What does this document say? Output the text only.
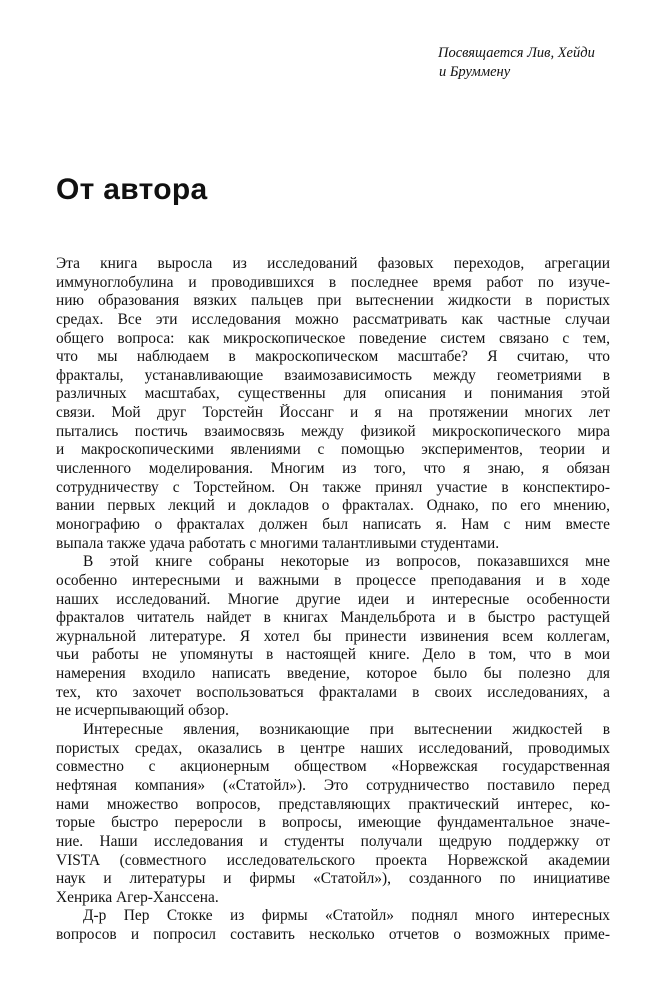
Посвящается Лив, Хейди
и Бруммену
От автора
Эта книга выросла из исследований фазовых переходов, агрегации
иммуноглобулина и проводившихся в последнее время работ по изуче-
нию образования вязких пальцев при вытеснении жидкости в пористых
средах. Все эти исследования можно рассматривать как частные случаи
общего вопроса: как микроскопическое поведение систем связано с тем,
что мы наблюдаем в макроскопическом масштабе? Я считаю, что
фракталы, устанавливающие взаимозависимость между геометриями в
различных масштабах, существенны для описания и понимания этой
связи. Мой друг Торстейн Йоссанг и я на протяжении многих лет
пытались постичь взаимосвязь между физикой микроскопического мира
и макроскопическими явлениями с помощью экспериментов, теории и
численного моделирования. Многим из того, что я знаю, я обязан
сотрудничеству с Торстейном. Он также принял участие в конспектиро-
вании первых лекций и докладов о фракталах. Однако, по его мнению,
монографию о фракталах должен был написать я. Нам с ним вместе
выпала также удача работать с многими талантливыми студентами.
В этой книге собраны некоторые из вопросов, показавшихся мне
особенно интересными и важными в процессе преподавания и в ходе
наших исследований. Многие другие идеи и интересные особенности
фракталов читатель найдет в книгах Мандельброта и в быстро растущей
журнальной литературе. Я хотел бы принести извинения всем коллегам,
чьи работы не упомянуты в настоящей книге. Дело в том, что в мои
намерения входило написать введение, которое было бы полезно для
тех, кто захочет воспользоваться фракталами в своих исследованиях, а
не исчерпывающий обзор.
Интересные явления, возникающие при вытеснении жидкостей в
пористых средах, оказались в центре наших исследований, проводимых
совместно с акционерным обществом «Норвежская государственная
нефтяная компания» («Статойл»). Это сотрудничество поставило перед
нами множество вопросов, представляющих практический интерес, ко-
торые быстро переросли в вопросы, имеющие фундаментальное значе-
ние. Наши исследования и студенты получали щедрую поддержку от
VISTA (совместного исследовательского проекта Норвежской академии
наук и литературы и фирмы «Статойл»), созданного по инициативе
Хенрика Агер-Ханссена.
Д-р Пер Стокке из фирмы «Статойл» поднял много интересных
вопросов и попросил составить несколько отчетов о возможных приме-
